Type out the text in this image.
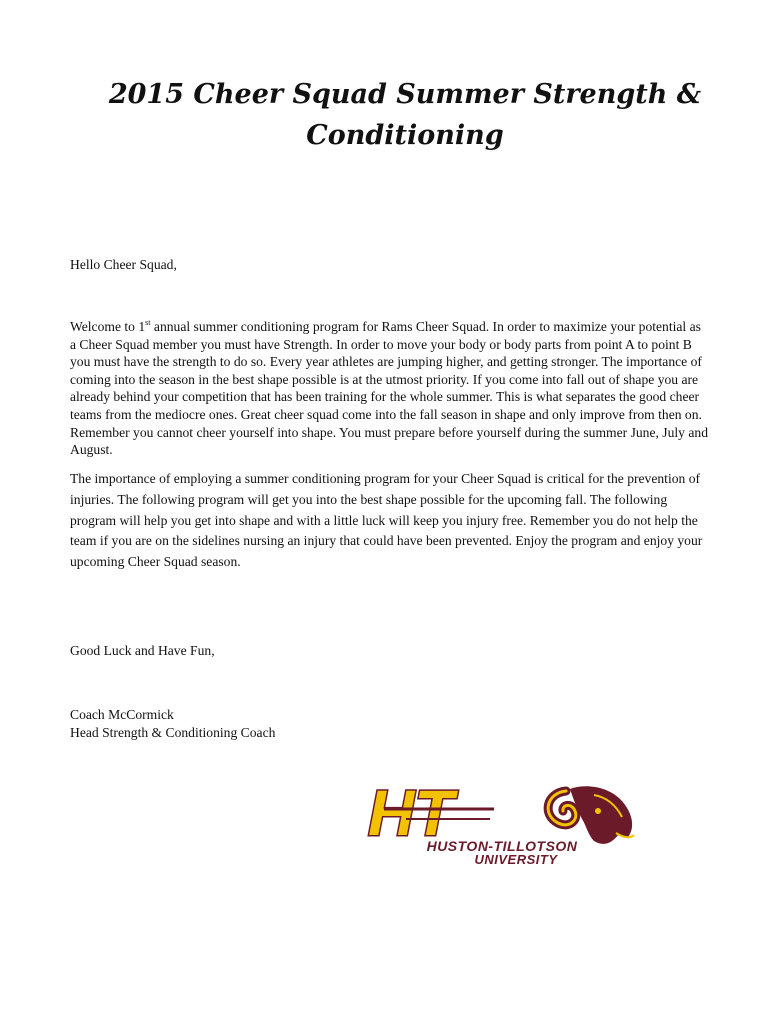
2015 Cheer Squad Summer Strength &
Conditioning

Hello Cheer Squad,

Welcome to 1st annual summer conditioning program for Rams Cheer Squad. In order to maximize your potential as a Cheer Squad member you must have Strength. In order to move your body or body parts from point A to point B you must have the strength to do so. Every year athletes are jumping higher, and getting stronger. The importance of coming into the season in the best shape possible is at the utmost priority. If you come into fall out of shape you are already behind your competition that has been training for the whole summer. This is what separates the good cheer teams from the mediocre ones. Great cheer squad come into the fall season in shape and only improve from then on. Remember you cannot cheer yourself into shape. You must prepare before yourself during the summer June, July and August.

The importance of employing a summer conditioning program for your Cheer Squad is critical for the prevention of injuries. The following program will get you into the best shape possible for the upcoming fall. The following program will help you get into shape and with a little luck will keep you injury free. Remember you do not help the team if you are on the sidelines nursing an injury that could have been prevented. Enjoy the program and enjoy your upcoming Cheer Squad season.

Good Luck and Have Fun,

Coach McCormick

Head Strength & Conditioning Coach

HT
HUSTON-TILLOTSON
UNIVERSITY
